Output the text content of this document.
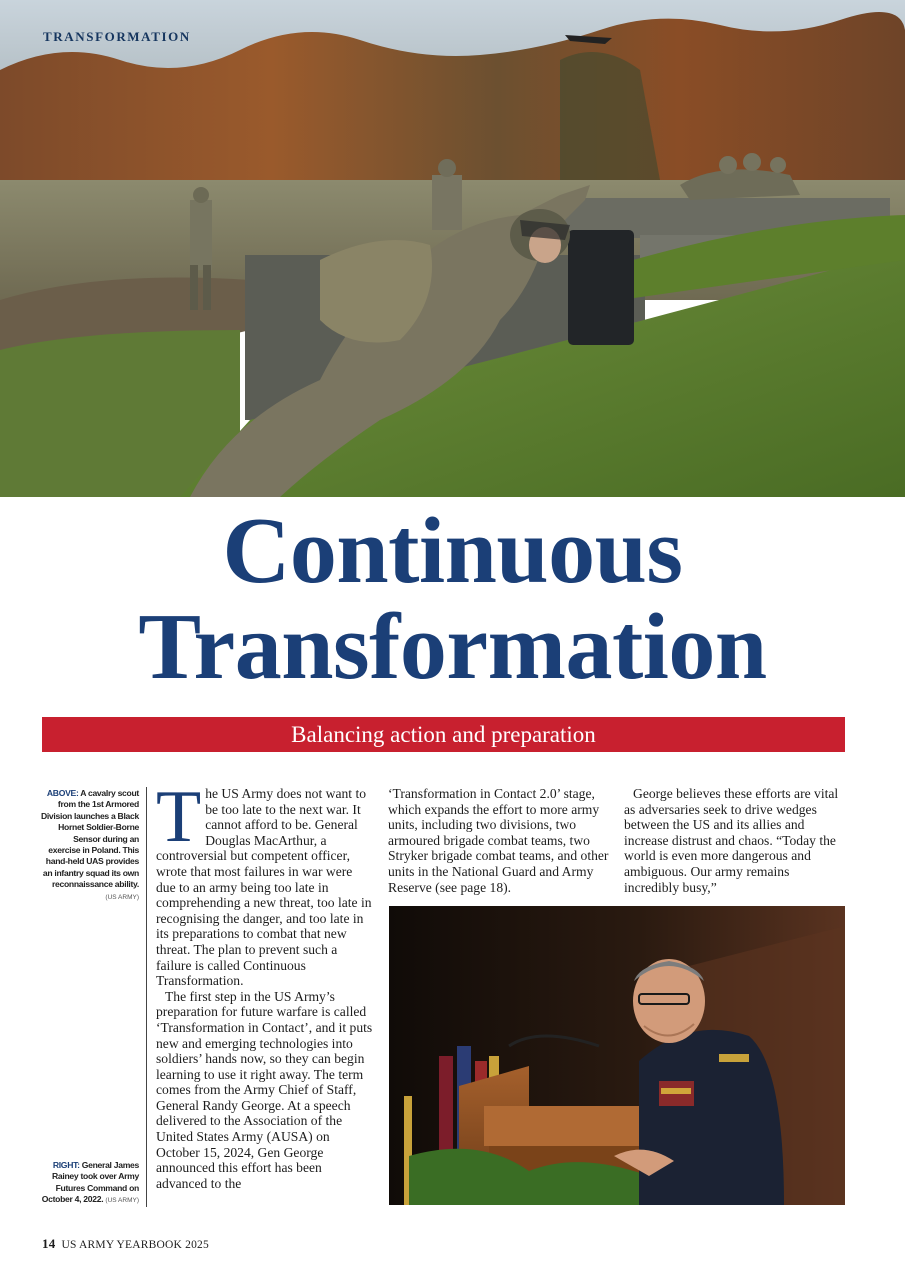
TRANSFORMATION
Continuous
Transformation
Balancing action and preparation
ABOVE: A cavalry scout from the 1st Armored Division launches a Black Hornet Soldier-Borne Sensor during an exercise in Poland. This hand-held UAS provides an infantry squad its own reconnaissance ability.
(US ARMY)
RIGHT: General James Rainey took over Army Futures Command on October 4, 2022. (US ARMY)

The US Army does not want to be too late to the next war. It cannot afford to be. General Douglas MacArthur, a controversial but competent officer, wrote that most failures in war were due to an army being too late in comprehending a new threat, too late in recognising the danger, and too late in its preparations to combat that new threat. The plan to prevent such a failure is called Continuous Transformation.

The first step in the US Army’s preparation for future warfare is called ‘Transformation in Contact’, and it puts new and emerging technologies into soldiers’ hands now, so they can begin learning to use it right away. The term comes from the Army Chief of Staff, General Randy George. At a speech delivered to the Association of the United States Army (AUSA) on October 15, 2024, Gen George announced this effort has been advanced to the

‘Transformation in Contact 2.0’ stage, which expands the effort to more army units, including two divisions, two armoured brigade combat teams, two Stryker brigade combat teams, and other units in the National Guard and Army Reserve (see page 18).

George believes these efforts are vital as adversaries seek to drive wedges between the US and its allies and increase distrust and chaos. “Today the world is even more dangerous and ambiguous. Our army remains incredibly busy,”

14 US ARMY YEARBOOK 2025
